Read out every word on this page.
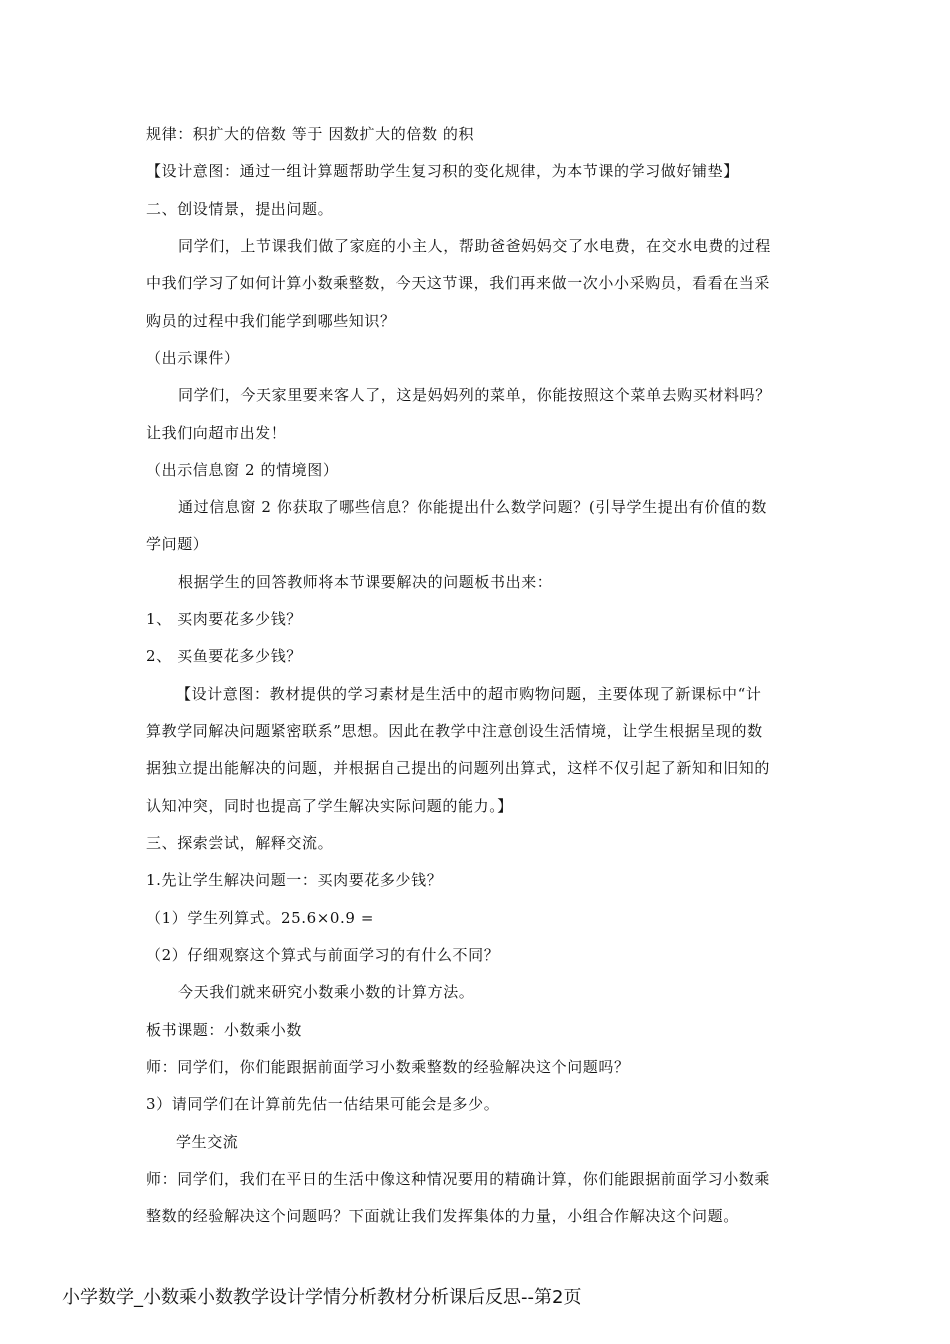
规律：积扩大的倍数 等于 因数扩大的倍数 的积
【设计意图：通过一组计算题帮助学生复习积的变化规律，为本节课的学习做好铺垫】
二、创设情景，提出问题。
同学们，上节课我们做了家庭的小主人，帮助爸爸妈妈交了水电费，在交水电费的过程
中我们学习了如何计算小数乘整数，今天这节课，我们再来做一次小小采购员，看看在当采
购员的过程中我们能学到哪些知识？
（出示课件）
同学们，今天家里要来客人了，这是妈妈列的菜单，你能按照这个菜单去购买材料吗？
让我们向超市出发！
（出示信息窗 2 的情境图）
通过信息窗 2 你获取了哪些信息？你能提出什么数学问题？(引导学生提出有价值的数
学问题）
根据学生的回答教师将本节课要解决的问题板书出来：
1、 买肉要花多少钱？
2、 买鱼要花多少钱？
【设计意图：教材提供的学习素材是生活中的超市购物问题，主要体现了新课标中“计
算教学同解决问题紧密联系”思想。因此在教学中注意创设生活情境，让学生根据呈现的数
据独立提出能解决的问题，并根据自己提出的问题列出算式，这样不仅引起了新知和旧知的
认知冲突，同时也提高了学生解决实际问题的能力。】
三、探索尝试，解释交流。
1.先让学生解决问题一：买肉要花多少钱？
（1）学生列算式。25.6×0.9 =
（2）仔细观察这个算式与前面学习的有什么不同？
今天我们就来研究小数乘小数的计算方法。
板书课题：小数乘小数
师：同学们，你们能跟据前面学习小数乘整数的经验解决这个问题吗？
3）请同学们在计算前先估一估结果可能会是多少。
学生交流
师：同学们，我们在平日的生活中像这种情况要用的精确计算，你们能跟据前面学习小数乘
整数的经验解决这个问题吗？下面就让我们发挥集体的力量，小组合作解决这个问题。
小学数学_小数乘小数教学设计学情分析教材分析课后反思--第2页
